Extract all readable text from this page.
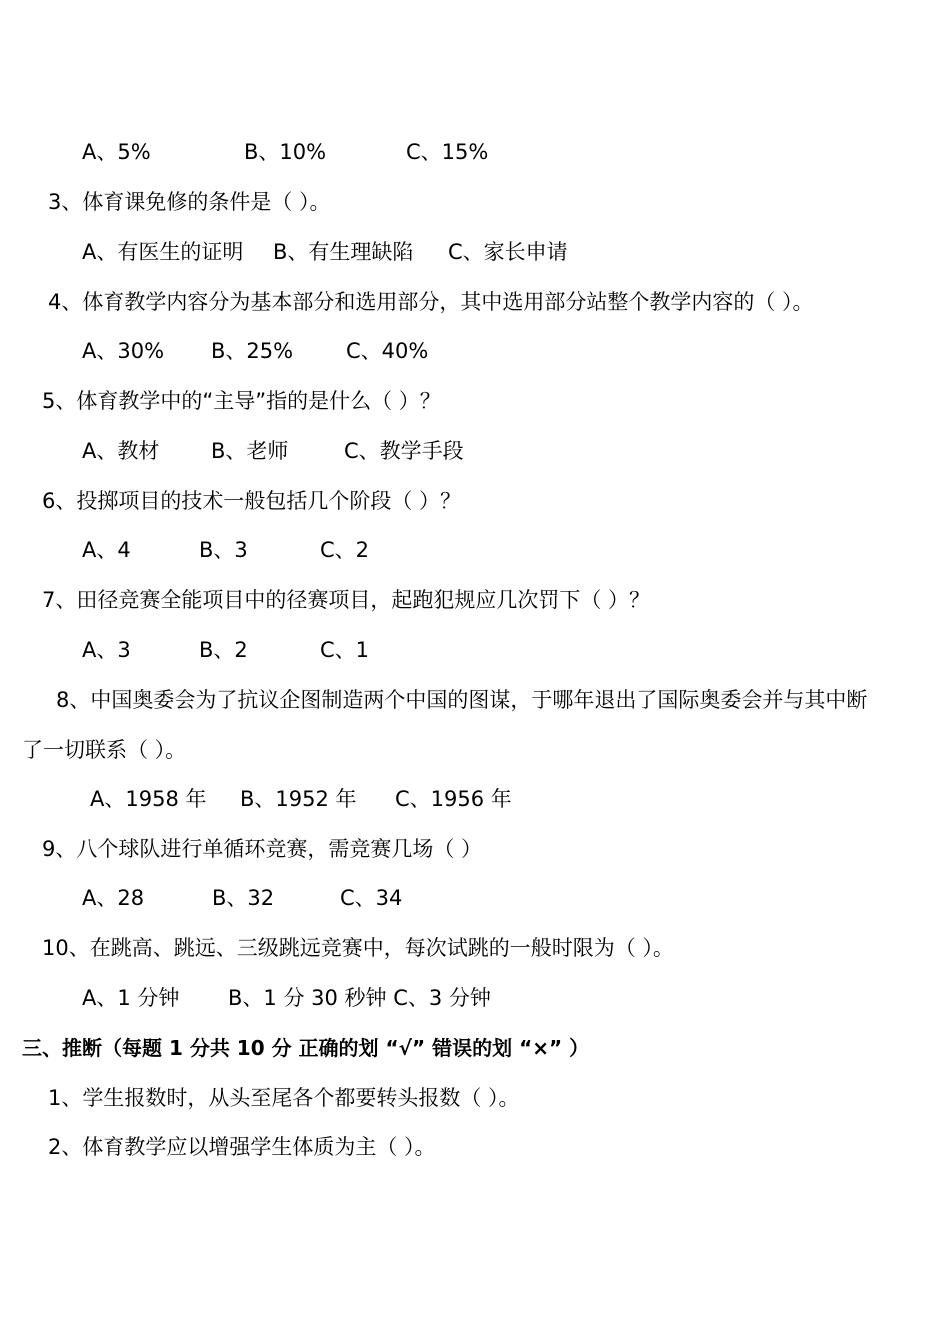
A、5%	B、10%	C、15%
3、体育课免修的条件是（ ）。
A、有医生的证明 B、有生理缺陷 C、家长申请
4、体育教学内容分为基本部分和选用部分，其中选用部分站整个教学内容的（ ）。
A、30% B、25%	C、40%
5、体育教学中的“主导”指的是什么（ ）？
A、教材 B、老师	C、教学手段
6、投掷项目的技术一般包括几个阶段（ ）？
A、4	B、3	C、2
7、田径竞赛全能项目中的径赛项目，起跑犯规应几次罚下（ ）？
A、3	B、2	C、1
8、中国奥委会为了抗议企图制造两个中国的图谋，于哪年退出了国际奥委会并与其中断
了一切联系（ ）。
A、1958 年 B、1952 年 C、1956 年
9、八个球队进行单循环竞赛，需竞赛几场（ ）
A、28	B、32	C、34
10、在跳高、跳远、三级跳远竞赛中，每次试跳的一般时限为（ ）。
A、1 分钟 B、1 分 30 秒钟 C、3 分钟
三、推断（每题 1 分共 10 分 正确的划 “√” 错误的划 “×” ）
1、学生报数时，从头至尾各个都要转头报数（ ）。
2、体育教学应以增强学生体质为主（ ）。
